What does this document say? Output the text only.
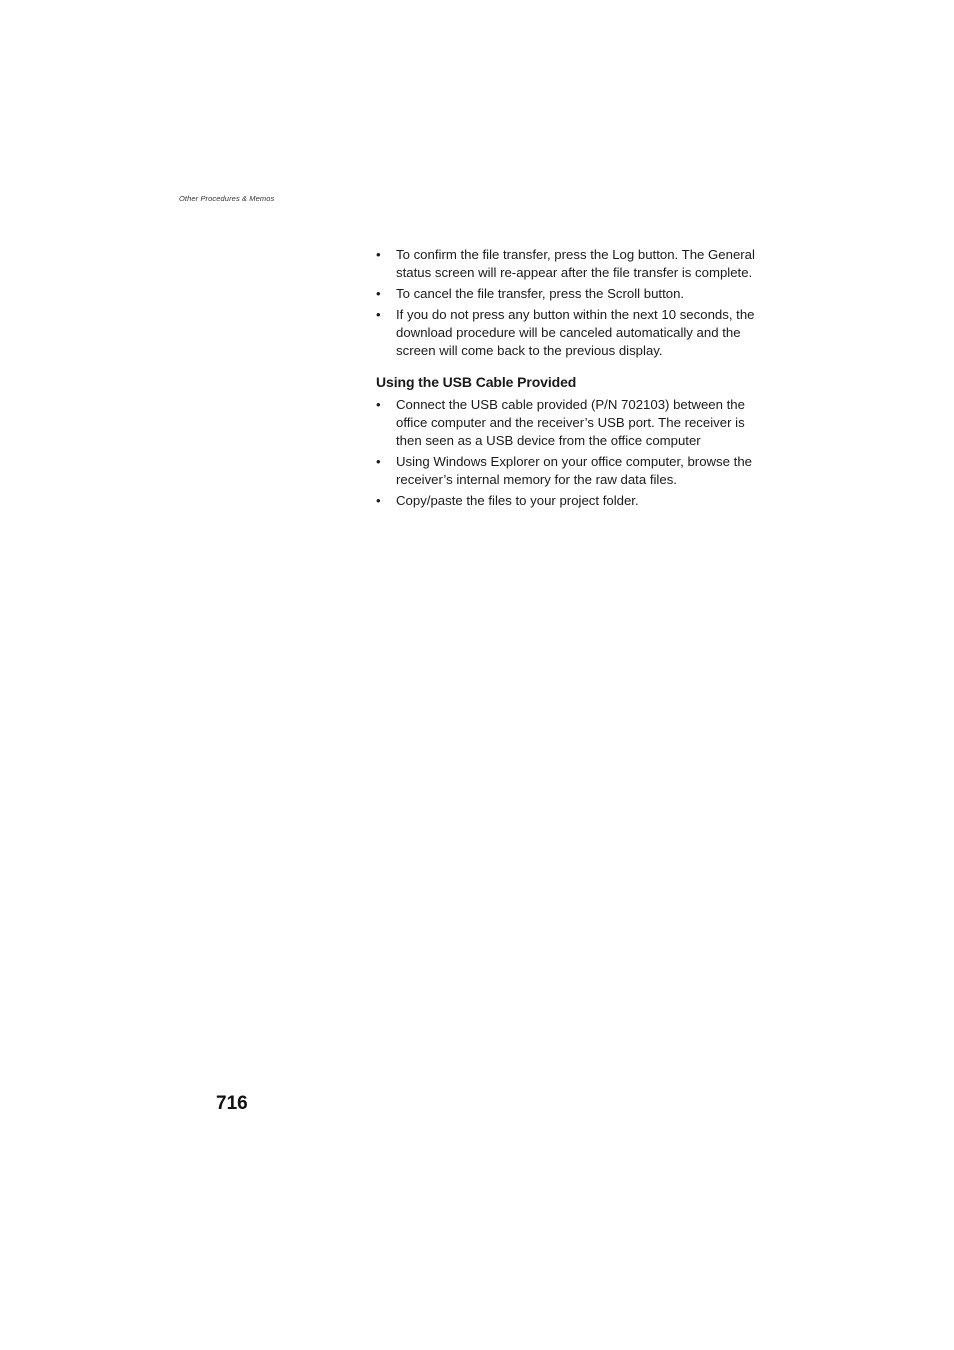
Other Procedures & Memos
•	To confirm the file transfer, press the Log button. The General status screen will re-appear after the file transfer is complete.
•	To cancel the file transfer, press the Scroll button.
•	If you do not press any button within the next 10 seconds, the download procedure will be canceled automatically and the screen will come back to the previous display.
Using the USB Cable Provided
•	Connect the USB cable provided (P/N 702103) between the office computer and the receiver’s USB port. The receiver is then seen as a USB device from the office computer
•	Using Windows Explorer on your office computer, browse the receiver’s internal memory for the raw data files.
•	Copy/paste the files to your project folder.
716
